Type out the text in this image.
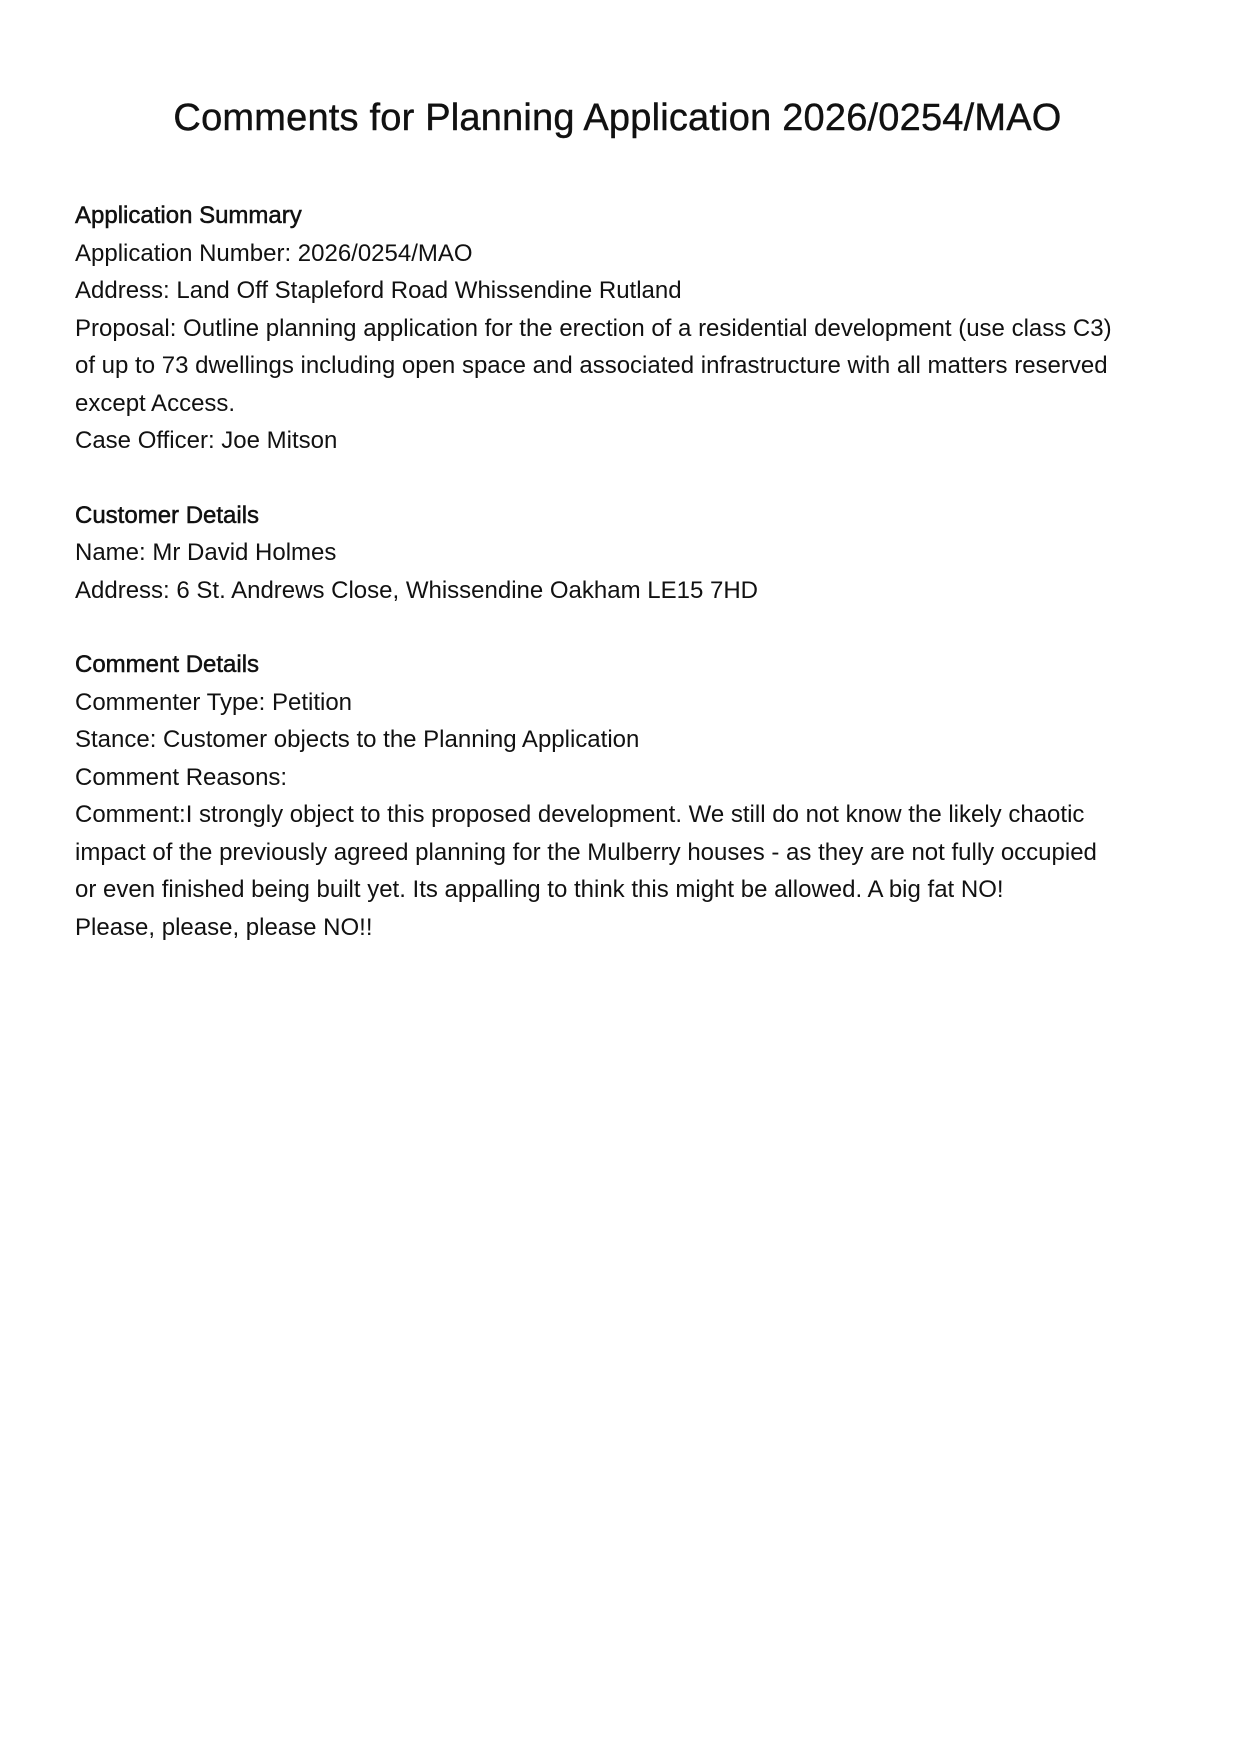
Comments for Planning Application 2026/0254/MAO

Application Summary

Application Number: 2026/0254/MAO

Address: Land Off Stapleford Road Whissendine Rutland

Proposal: Outline planning application for the erection of a residential development (use class C3)
of up to 73 dwellings including open space and associated infrastructure with all matters reserved
except Access.

Case Officer: Joe Mitson

Customer Details

Name: Mr David Holmes

Address: 6 St. Andrews Close, Whissendine Oakham LE15 7HD

Comment Details

Commenter Type: Petition

Stance: Customer objects to the Planning Application

Comment Reasons:

Comment:I strongly object to this proposed development. We still do not know the likely chaotic
impact of the previously agreed planning for the Mulberry houses - as they are not fully occupied
or even finished being built yet. Its appalling to think this might be allowed. A big fat NO!
Please, please, please NO!!
